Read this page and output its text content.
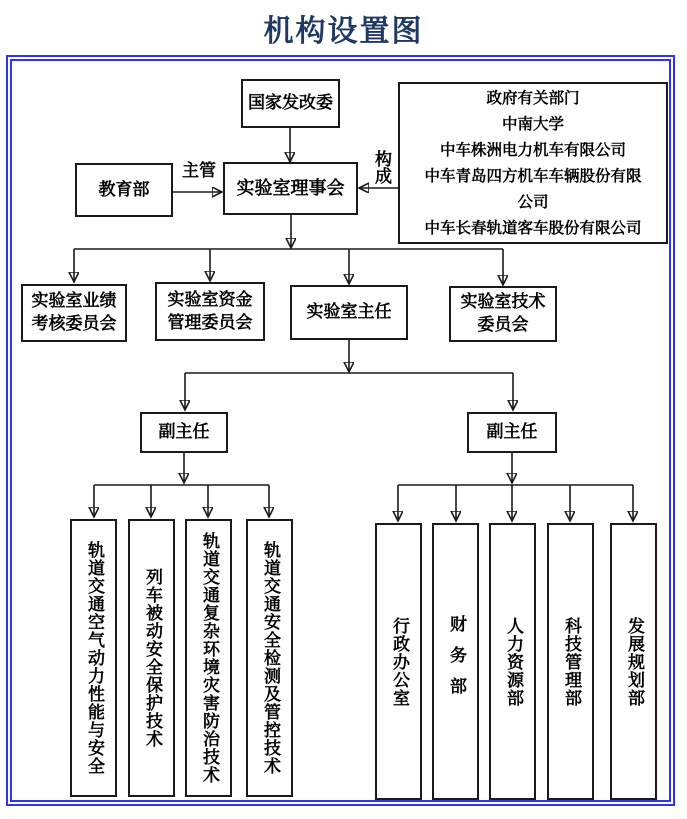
机构设置图
国家发改委
教育部
主管
实验室理事会
构成
政府有关部门
中南大学
中车株洲电力机车有限公司
中车青岛四方机车车辆股份有限
公司
中车长春轨道客车股份有限公司
实验室业绩
考核委员会
实验室资金
管理委员会
实验室主任	实验室技术
委员会
副主任	副主任
轨道交通空气动力性能与安全	列车被动安全保护技术	轨道交通复杂环境灾害防治技术	轨道交通安全检测及管控技术	行政办公室	财务部	人力资源部	科技管理部	发展规划部
